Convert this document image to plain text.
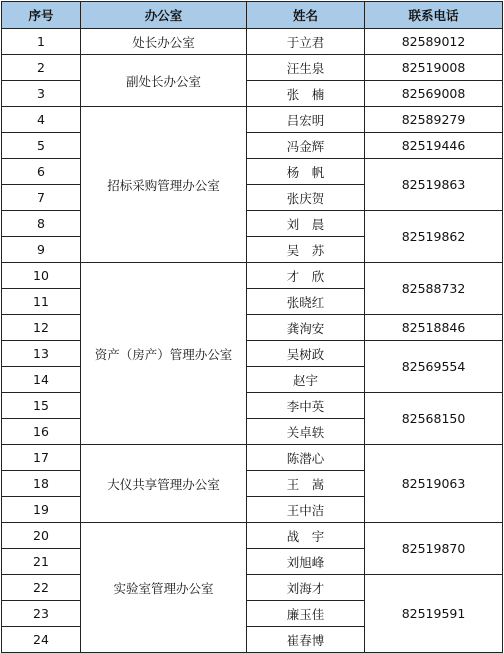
序号	办公室	姓名	联系电话
1	处长办公室	于立君	82589012
2	副处长办公室	汪生泉	82519008
3		张　楠	82569008
4	招标采购管理办公室	吕宏明	82589279
5		冯金辉	82519446
6		杨　帆	82519863
7		张庆贺	
8		刘　晨	82519862
9		吴　苏	
10	资产（房产）管理办公室	才　欣	82588732
11		张晓红	
12		龚洵安	82518846
13		吴树政	82569554
14		赵宇	
15		李中英	82568150
16		关卓轶	
17	大仪共享管理办公室	陈潜心	82519063
18		王　嵩	
19		王中洁	
20	实验室管理办公室	战　宇	82519870
21		刘旭峰	
22		刘海才	82519591
23		廉玉佳	
24		崔春博	
